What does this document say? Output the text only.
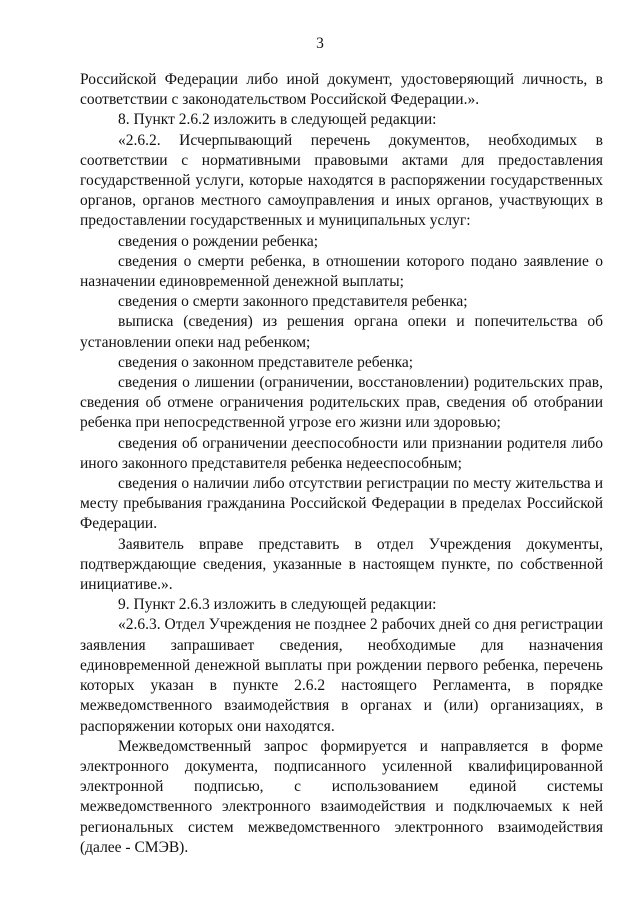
3

Российской Федерации либо иной документ, удостоверяющий личность, в соответствии с законодательством Российской Федерации.».

8. Пункт 2.6.2 изложить в следующей редакции:

«2.6.2. Исчерпывающий перечень документов, необходимых в соответствии с нормативными правовыми актами для предоставления государственной услуги, которые находятся в распоряжении государственных органов, органов местного самоуправления и иных органов, участвующих в предоставлении государственных и муниципальных услуг:

сведения о рождении ребенка;

сведения о смерти ребенка, в отношении которого подано заявление о назначении единовременной денежной выплаты;

сведения о смерти законного представителя ребенка;

выписка (сведения) из решения органа опеки и попечительства об установлении опеки над ребенком;

сведения о законном представителе ребенка;

сведения о лишении (ограничении, восстановлении) родительских прав, сведения об отмене ограничения родительских прав, сведения об отобрании ребенка при непосредственной угрозе его жизни или здоровью;

сведения об ограничении дееспособности или признании родителя либо иного законного представителя ребенка недееспособным;

сведения о наличии либо отсутствии регистрации по месту жительства и месту пребывания гражданина Российской Федерации в пределах Российской Федерации.

Заявитель вправе представить в отдел Учреждения документы, подтверждающие сведения, указанные в настоящем пункте, по собственной инициативе.».

9. Пункт 2.6.3 изложить в следующей редакции:

«2.6.3. Отдел Учреждения не позднее 2 рабочих дней со дня регистрации заявления запрашивает сведения, необходимые для назначения единовременной денежной выплаты при рождении первого ребенка, перечень которых указан в пункте 2.6.2 настоящего Регламента, в порядке межведомственного взаимодействия в органах и (или) организациях, в распоряжении которых они находятся.

Межведомственный запрос формируется и направляется в форме электронного документа, подписанного усиленной квалифицированной электронной подписью, с использованием единой системы межведомственного электронного взаимодействия и подключаемых к ней региональных систем межведомственного электронного взаимодействия (далее - СМЭВ).
